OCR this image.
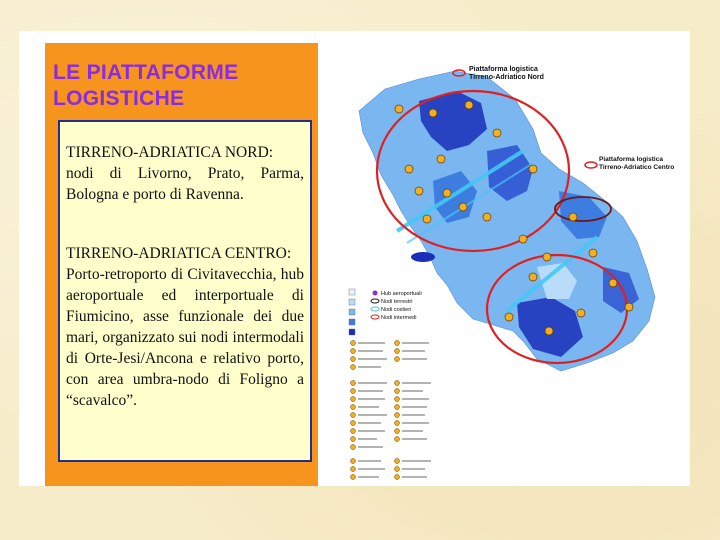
LE PIATTAFORME LOGISTICHE
TIRRENO-ADRIATICA NORD:
nodi di Livorno, Prato, Parma, Bologna e porto di Ravenna.
TIRRENO-ADRIATICA CENTRO:
Porto-retroporto di Civitavecchia, hub aeroportuale ed interportuale di Fiumicino, asse funzionale dei due mari, organizzato sui nodi intermodali di Orte-Jesi/Ancona e relativo porto, con area umbra-nodo di Foligno a “scavalco”.
Piattaforma logistica
Tirreno-Adriatico Nord
Piattaforma logistica
Tirreno-Adriatico Centro
Hub aeroportuali
Nodi terrestri
Nodi costieri
Nodi intermedi
